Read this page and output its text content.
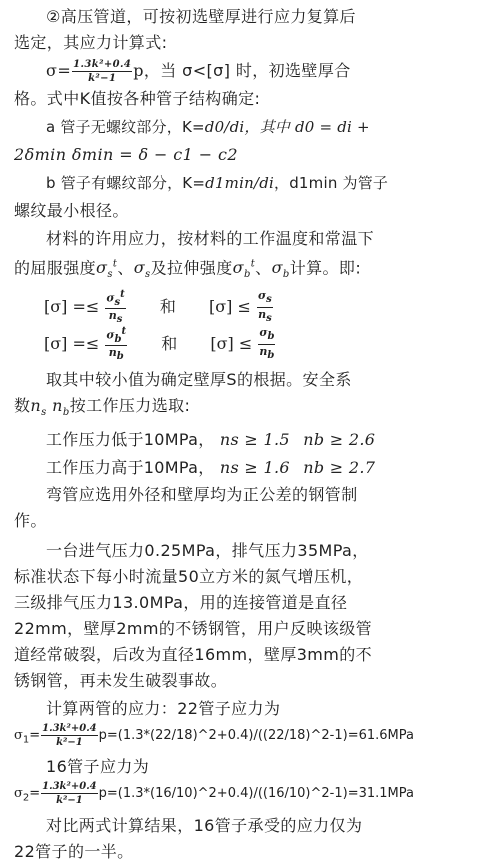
②高压管道，可按初选壁厚进行应力复算后

选定，其应力计算式:

$\sigma= \frac{\text{1.3k²+0.4}}{\text{k²−1}}$ p，当 σ<[σ] 时，初选壁厚合

格。式中K值按各种管子结构确定:

a 管子无螺纹部分，K=d0/di，其中 d0 = di +

2δmin δmin = δ − c1 − c2

b 管子有螺纹部分，K=d1min/di，d1min 为管子

螺纹最小根径。

材料的许用应力，按材料的工作温度和常温下

的屈服强度$\sigma_s^t$、$\sigma_s$及拉伸强度$\sigma_b^t$、$\sigma_b$计算。即:

$[\sigma] =\le \frac{\sigma_s^t}{n_s}$ 和 $[\sigma] \le \frac{\sigma_s}{n_s}$
$[\sigma] =\le \frac{\sigma_b^t}{n_b}$ 和 $[\sigma] \le \frac{\sigma_b}{n_b}$

取其中较小值为确定壁厚S的根据。安全系

数$n_s$ $n_b$按工作压力选取:

工作压力低于10MPa， ns ≥ 1.5 nb ≥ 2.6
工作压力高于10MPa， ns ≥ 1.6 nb ≥ 2.7

弯管应选用外径和壁厚均为正公差的钢管制

作。

一台进气压力0.25MPa，排气压力35MPa，

标准状态下每小时流量50立方米的氮气增压机，

三级排气压力13.0MPa，用的连接管道是直径

22mm，壁厚2mm的不锈钢管，用户反映该级管

道经常破裂，后改为直径16mm，壁厚3mm的不

锈钢管，再未发生破裂事故。

计算两管的应力：22管子应力为

$\sigma_1= \frac{\text{1.3k²+0.4}}{\text{k²−1}}$ p=(1.3*(22/18)^2+0.4)/((22/18)^2-1)=61.6MPa

16管子应力为

$\sigma_2= \frac{\text{1.3k²+0.4}}{\text{k²−1}}$ p=(1.3*(16/10)^2+0.4)/((16/10)^2-1)=31.1MPa

对比两式计算结果，16管子承受的应力仅为

22管子的一半。
